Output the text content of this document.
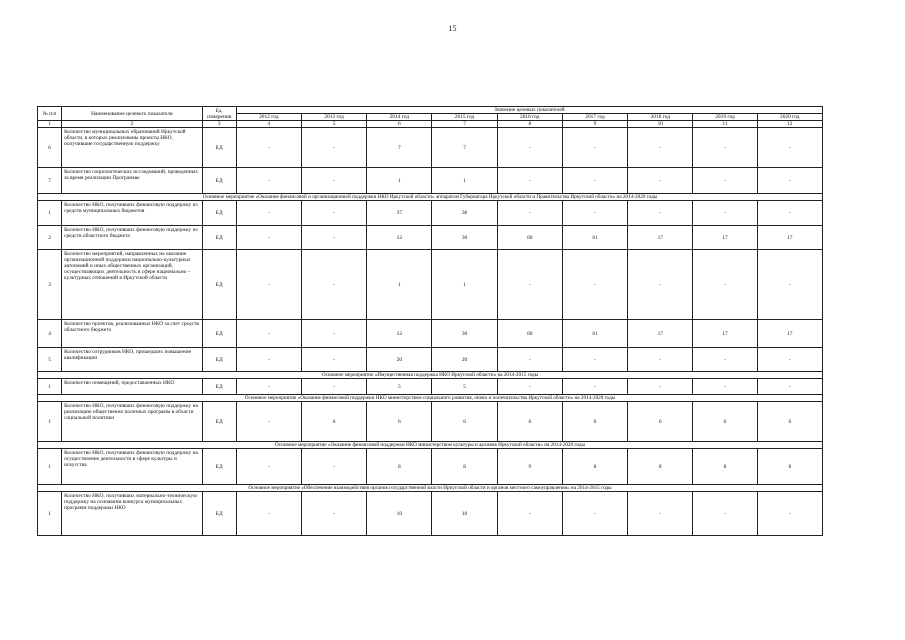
15
№ п/п	Наименование целевого показателя	Ед. измерения	Значение целевых показателей								
			2012 год	2013 год	2014 год	2015 год	2016 год	2017 год	2018 год	2019 год	2020 год
1	2	3	4	5	6	7	8	9	10	11	12
6	Количество муниципальных образований Иркутской области, в которых реализованы проекты НКО, получившие государственную поддержку	ЕД	-	-	7	7	-	-	-	-	-
7	Количество социологических исследований, проведенных за время реализации Программы	ЕД	-	-	1	1	-	-	-	-	-
Основное мероприятие «Оказание финансовой и организационной поддержки НКО Иркутской области» аппаратом Губернатора Иркутской области и Правительства Иркутской области» на 2014-2020 годы											
1	Количество НКО, получивших финансовую поддержку из средств муниципальных бюджетов	ЕД	-	-	37	38	-	-	-	-	-
2	Количество НКО, получивших финансовую поддержку из средств областного бюджета	ЕД	-	-	12	30	60	61	17	17	17
3	Количество мероприятий, направленных на оказание организационной поддержки национально-культурных автономий и иных общественных организаций, осуществляющих деятельность в сфере национально – культурных отношений в Иркутской области	ЕД	-	-	1	1	-	-	-	-	-
4	Количество проектов, реализованных НКО за счет средств областного бюджета	ЕД	-	-	12	30	60	61	17	17	17
5	Количество сотрудников НКО, прошедших повышение квалификации	ЕД	-	-	20	20	-	-	-	-	-
Основное мероприятие «Имущественная поддержка НКО Иркутской области» на 2014-2015 годы											
1	Количество помещений, предоставленных НКО	ЕД	-	-	5	5	-	-	-	-	-
Основное мероприятие «Оказание финансовой поддержки НКО министерством социального развития, опеки и попечительства Иркутской области» на 2014-2020 годы											
1	Количество НКО, получивших финансовую поддержку на реализацию общественно полезных программ в области социальной политики	ЕД	-	6	6	6	6	6	6	6	6
Основное мероприятие «Оказание финансовой поддержки НКО министерством культуры и архивов Иркутской области» на 2014-2020 годы											
1	Количество НКО, получивших финансовую поддержку на осуществление деятельности в сфере культуры и искусства	ЕД	-	-	8	8	9	8	8	8	8
Основное мероприятие «Обеспечение взаимодействия органов государственной власти Иркутской области и органов местного самоуправления» на 2014-2015 годы											
1	Количество НКО, получивших материально-техническую поддержку на основании конкурса муниципальных программ поддержки НКО	ЕД	-	-	10	10	-	-	-	-	-
